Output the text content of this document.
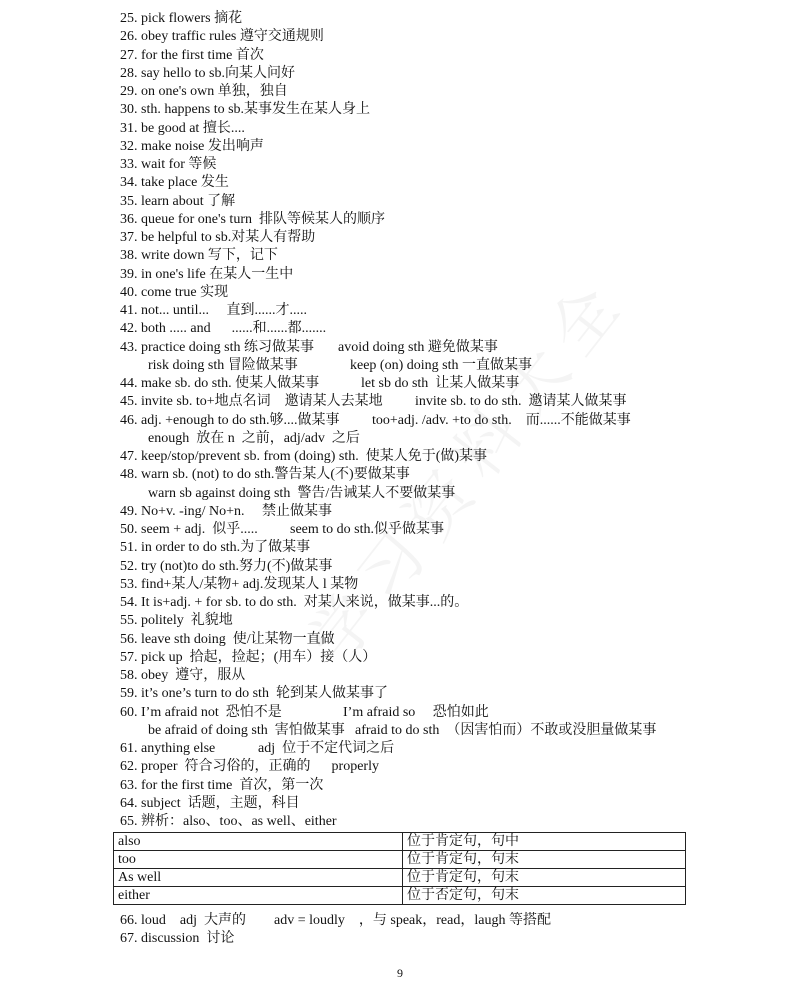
25. pick flowers 摘花
26. obey traffic rules 遵守交通规则
27. for the first time 首次
28. say hello to sb.向某人问好
29. on one's own 单独，独自
30. sth. happens to sb.某事发生在某人身上
31. be good at 擅长....
32. make noise 发出响声
33. wait for 等候
34. take place 发生
35. learn about 了解
36. queue for one's turn  排队等候某人的顺序
37. be helpful to sb.对某人有帮助
38. write down 写下，记下
39. in one's life 在某人一生中
40. come true 实现
41. not... until...     直到......才.....
42. both ..... and      ......和......都.......
43. practice doing sth 练习做某事 avoid doing sth 避免做某事
risk doing sth 冒险做某事	keep (on) doing sth 一直做某事
44. make sb. do sth. 使某人做某事	let sb do sth  让某人做某事
45. invite sb. to+地点名词    邀请某人去某地 invite sb. to do sth.  邀请某人做某事
46. adj. +enough to do sth.够....做某事 too+adj. /adv. +to do sth.    而......不能做某事
enough  放在 n  之前，adj/adv  之后
47. keep/stop/prevent sb. from (doing) sth.  使某人免于(做)某事
48. warn sb. (not) to do sth.警告某人(不)要做某事
warn sb against doing sth  警告/告诫某人不要做某事
49. No+v. -ing/ No+n.     禁止做某事
50. seem + adj.  似乎..... seem to do sth.似乎做某事
51. in order to do sth.为了做某事
52. try (not)to do sth.努力(不)做某事
53. find+某人/某物+ adj.发现某人 l 某物
54. It is+adj. + for sb. to do sth.  对某人来说，做某事...的。
55. politely  礼貌地
56. leave sth doing  使/让某物一直做
57. pick up  拾起，捡起；(用车）接（人）
58. obey  遵守，服从
59. it’s one’s turn to do sth  轮到某人做某事了
60. I’m afraid not  恐怕不是	I’m afraid so     恐怕如此
be afraid of doing sth  害怕做某事 afraid to do sth  （因害怕而）不敢或没胆量做某事
61. anything else	adj  位于不定代词之后
62. proper  符合习俗的，正确的      properly
63. for the first time  首次，第一次
64. subject  话题，主题，科目
65. 辨析：also、too、as well、either
also	位于肯定句，句中
too	位于肯定句，句末
As well	位于肯定句，句末
either	位于否定句，句末
66. loud    adj  大声的        adv = loudly    ，与 speak，read，laugh 等搭配
67. discussion  讨论
9
